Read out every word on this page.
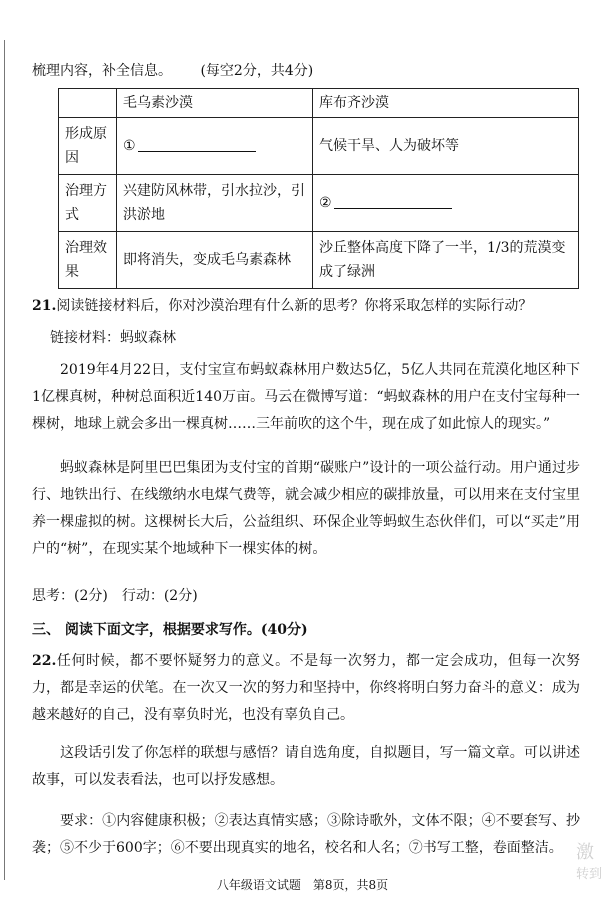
梳理内容，补全信息。 (每空2分，共4分)
	毛乌素沙漠	库布齐沙漠
形成原因	①	气候干旱、人为破坏等
治理方式	兴建防风林带，引水拉沙，引洪淤地	②
治理效果	即将消失，变成毛乌素森林	沙丘整体高度下降了一半，1/3的荒漠变成了绿洲
21.阅读链接材料后，你对沙漠治理有什么新的思考？你将采取怎样的实际行动？
链接材料：蚂蚁森林

2019年4月22日，支付宝宣布蚂蚁森林用户数达5亿，5亿人共同在荒漠化地区种下1亿棵真树，种树总面积近140万亩。马云在微博写道：“蚂蚁森林的用户在支付宝每种一棵树，地球上就会多出一棵真树……三年前吹的这个牛，现在成了如此惊人的现实。”

蚂蚁森林是阿里巴巴集团为支付宝的首期“碳账户”设计的一项公益行动。用户通过步行、地铁出行、在线缴纳水电煤气费等，就会减少相应的碳排放量，可以用来在支付宝里养一棵虚拟的树。这棵树长大后，公益组织、环保企业等蚂蚁生态伙伴们，可以“买走”用户的“树”，在现实某个地域种下一棵实体的树。

思考：(2分)　行动：(2分)
三、 阅读下面文字，根据要求写作。(40分)

22.任何时候，都不要怀疑努力的意义。不是每一次努力，都一定会成功，但每一次努力，都是幸运的伏笔。在一次又一次的努力和坚持中，你终将明白努力奋斗的意义：成为越来越好的自己，没有辜负时光，也没有辜负自己。

这段话引发了你怎样的联想与感悟？请自选角度，自拟题目，写一篇文章。可以讲述故事，可以发表看法，也可以抒发感想。

要求：①内容健康积极；②表达真情实感；③除诗歌外，文体不限；④不要套写、抄袭；⑤不少于600字；⑥不要出现真实的地名，校名和人名；⑦书写工整，卷面整洁。 激
转到
八年级语文试题　第8页，共8页
